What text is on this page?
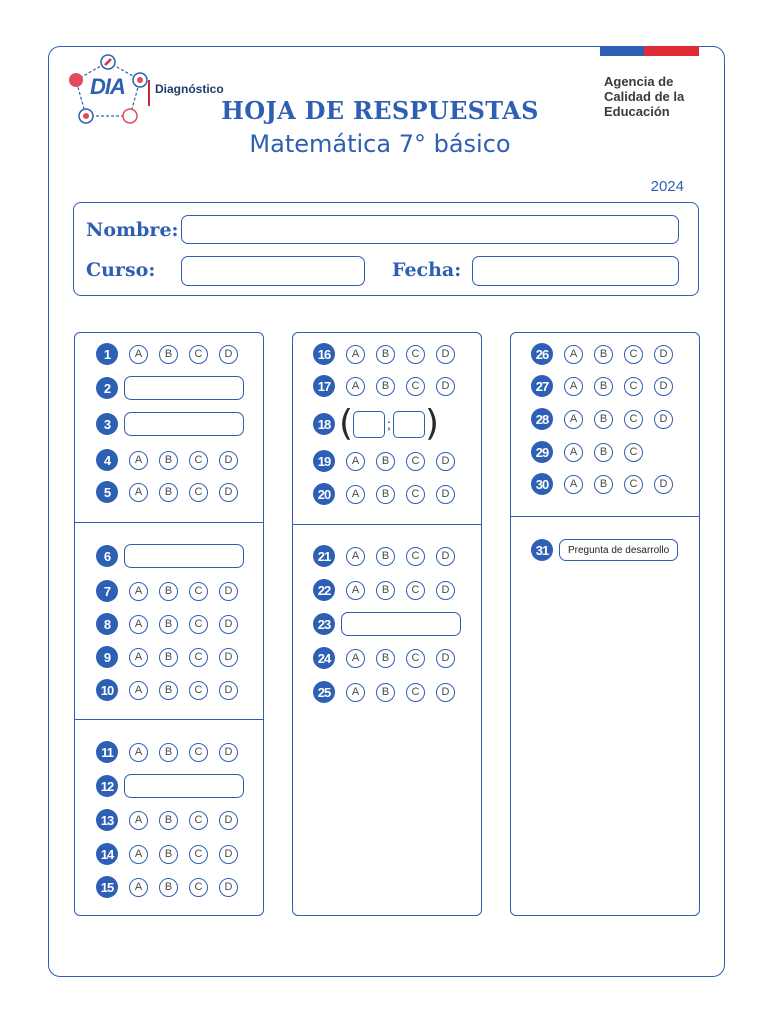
DIA	Diagnóstico
HOJA DE RESPUESTAS
Matemática 7° básico
Agencia de
Calidad de la
Educación
2024
Nombre:
Curso:	Fecha:
1	A	B	C	D
2
3
4	A	B	C	D
5	A	B	C	D
6
7	A	B	C	D
8	A	B	C	D
9	A	B	C	D
10	A	B	C	D
11	A	B	C	D
12
13	A	B	C	D
14	A	B	C	D
15	A	B	C	D
16	A	B	C	D
17	A	B	C	D
18 ( ; )
19	A	B	C	D
20	A	B	C	D
21	A	B	C	D
22	A	B	C	D
23
24	A	B	C	D
25	A	B	C	D
26	A	B	C	D
27	A	B	C	D
28	A	B	C	D
29	A	B	C
30	A	B	C	D
31	Pregunta de desarrollo
